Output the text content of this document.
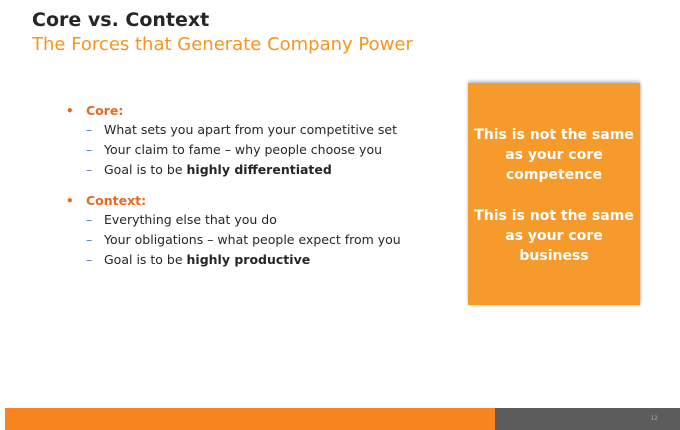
Core vs. Context
The Forces that Generate Company Power
• Core:
– What sets you apart from your competitive set
– Your claim to fame – why people choose you
– Goal is to be highly differentiated
• Context:
– Everything else that you do
– Your obligations – what people expect from you
– Goal is to be highly productive
This is not the same as your core competence
This is not the same as your core business
12
